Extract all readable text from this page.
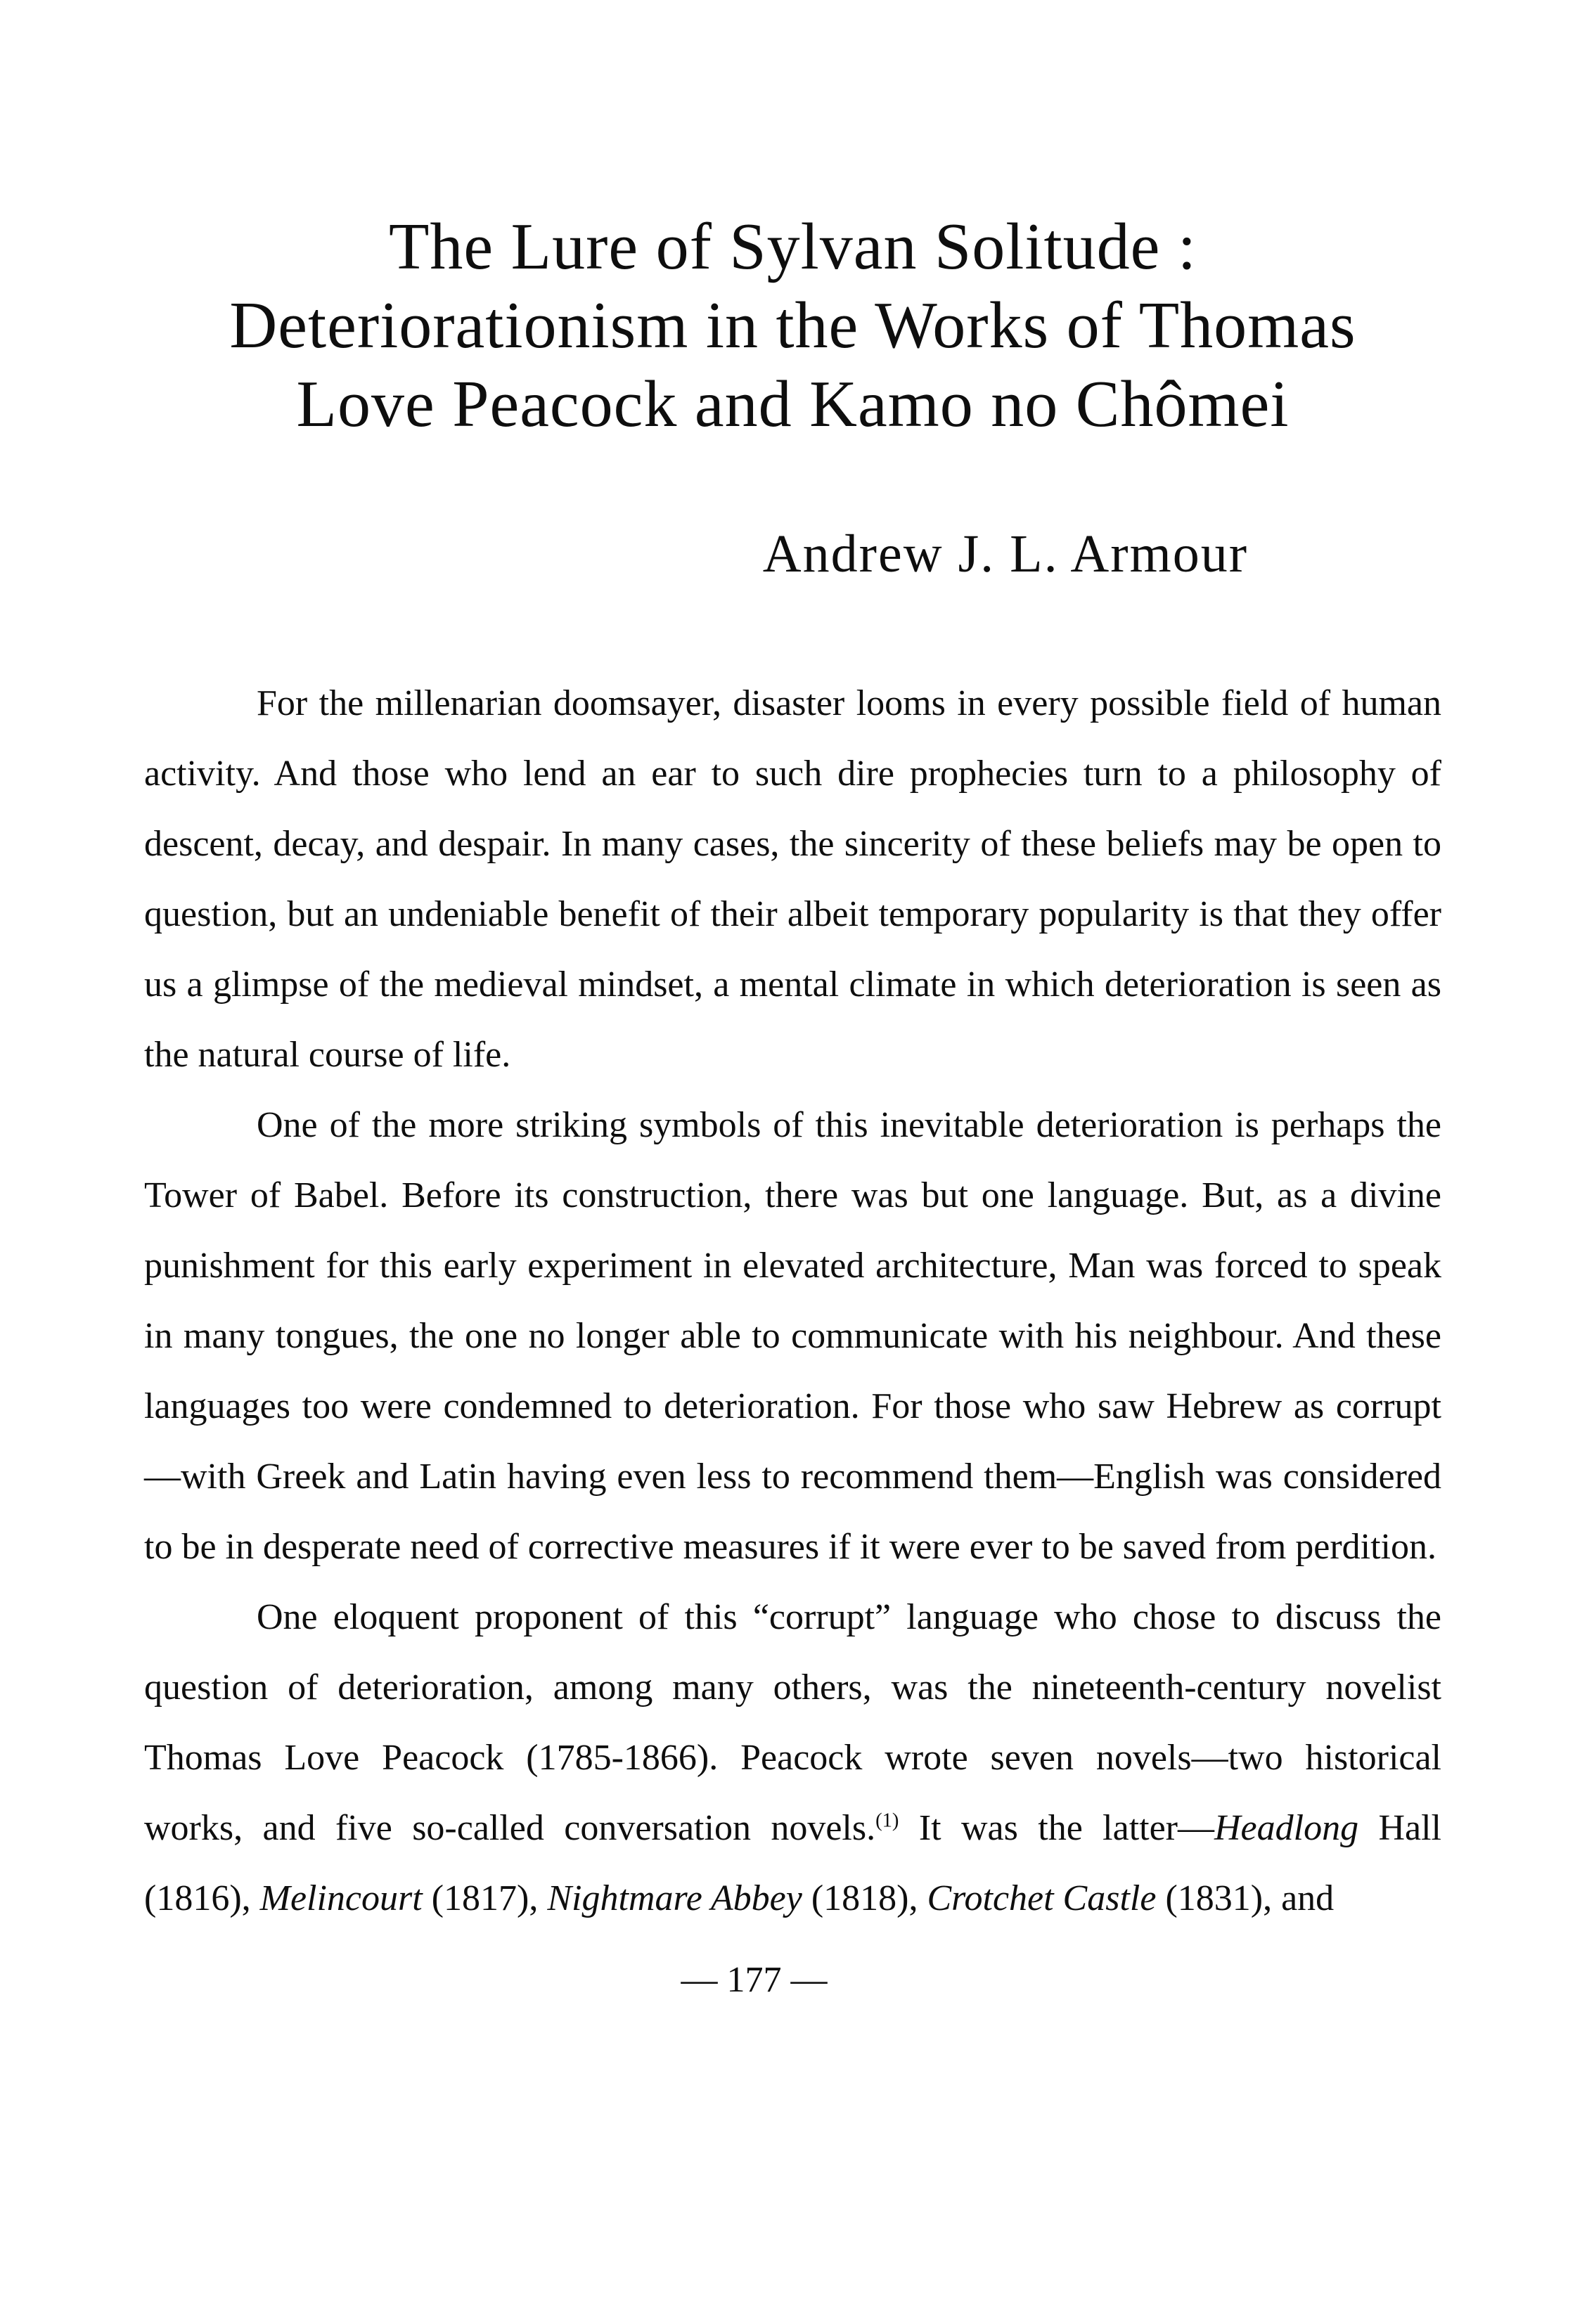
The Lure of Sylvan Solitude :
Deteriorationism in the Works of Thomas
Love Peacock and Kamo no Chômei
Andrew J. L. Armour

For the millenarian doomsayer, disaster looms in every possible field of human activity. And those who lend an ear to such dire prophecies turn to a philosophy of descent, decay, and despair. In many cases, the sincerity of these beliefs may be open to question, but an undeniable benefit of their albeit temporary popularity is that they offer us a glimpse of the medieval mindset, a mental climate in which deterioration is seen as the natural course of life.

One of the more striking symbols of this inevitable deterioration is perhaps the Tower of Babel. Before its construction, there was but one language. But, as a divine punishment for this early experiment in elevated architecture, Man was forced to speak in many tongues, the one no longer able to communicate with his neighbour. And these languages too were condemned to deterioration. For those who saw Hebrew as corrupt—with Greek and Latin having even less to recommend them—English was considered to be in desperate need of corrective measures if it were ever to be saved from perdition.

One eloquent proponent of this “corrupt” language who chose to discuss the question of deterioration, among many others, was the nineteenth-century novelist Thomas Love Peacock (1785-1866). Peacock wrote seven novels—two historical works, and five so-called conversation novels.$^{(1)}$ It was the latter—Headlong Hall (1816), Melincourt (1817), Nightmare Abbey (1818), Crotchet Castle (1831), and

— 177 —
